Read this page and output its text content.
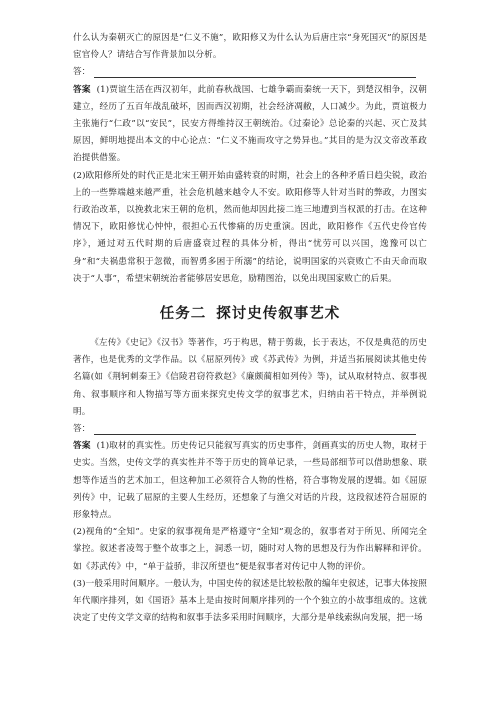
什么认为秦朝灭亡的原因是“仁义不施”，欧阳修又为什么认为后唐庄宗“身死国灭”的原因是宦官伶人？请结合写作背景加以分析。

答：

答案 (1)贾谊生活在西汉初年，此前春秋战国、七雄争霸而秦统一天下，到楚汉相争，汉朝建立，经历了五百年战乱破坏，因而西汉初期，社会经济凋敝，人口减少。为此，贾谊极力主张施行“仁政”以“安民”，民安方得维持汉王朝统治。《过秦论》总论秦的兴起、灭亡及其原因，鲜明地提出本文的中心论点：“仁义不施而攻守之势异也。”其目的是为汉文帝改革政治提供借鉴。

(2)欧阳修所处的时代正是北宋王朝开始由盛转衰的时期，社会上的各种矛盾日趋尖锐，政治上的一些弊端越来越严重，社会危机越来越令人不安。欧阳修等人针对当时的弊政，力图实行政治改革，以挽救北宋王朝的危机，然而他却因此接二连三地遭到当权派的打击。在这种情况下，欧阳修忧心忡忡，很担心五代惨痛的历史重演。因此，欧阳修作《五代史伶官传序》，通过对五代时期的后唐盛衰过程的具体分析，得出“忧劳可以兴国，逸豫可以亡身”和“夫祸患常积于忽微，而智勇多困于所溺”的结论，说明国家的兴衰败亡不由天命而取决于“人事”，希望宋朝统治者能够居安思危，励精图治，以免出现国家败亡的后果。

任务二 探讨史传叙事艺术

《左传》《史记》《汉书》等著作，巧于构思，精于剪裁，长于表达，不仅是典范的历史著作，也是优秀的文学作品。以《屈原列传》或《苏武传》为例，并适当拓展阅读其他史传名篇(如《荆轲刺秦王》《信陵君窃符救赵》《廉颇蔺相如列传》等)，试从取材特点、叙事视角、叙事顺序和人物描写等方面来探究史传文学的叙事艺术，归纳由若干特点，并举例说明。

答：

答案 (1)取材的真实性。历史传记只能叙写真实的历史事件，剑画真实的历史人物，取材于史实。当然，史传文学的真实性并不等于历史的简单记录，一些局部细节可以借助想象、联想等作适当的艺术加工，但这种加工必须符合人物的性格，符合事物发展的逻辑。如《屈原列传》中，记载了屈原的主要人生经历，还想象了与渔父对话的片段，这段叙述符合屈原的形象特点。

(2)视角的“全知”。史家的叙事视角是严格遵守“全知”观念的，叙事者对于所见、所闻完全掌控。叙述者凌驾于整个故事之上，洞悉一切，随时对人物的思想及行为作出解释和评价。如《苏武传》中，“单于益骄，非汉所望也”便是叙事者对传记中人物的评价。

(3)一般采用时间顺序。一般认为，中国史传的叙述是比较松散的编年史叙述，记事大体按照年代顺序排列，如《国语》基本上是由按时间顺序排列的一个个独立的小故事组成的。这就决定了史传文学文章的结构和叙事手法多采用时间顺序，大部分是单线索纵向发展，把一场
